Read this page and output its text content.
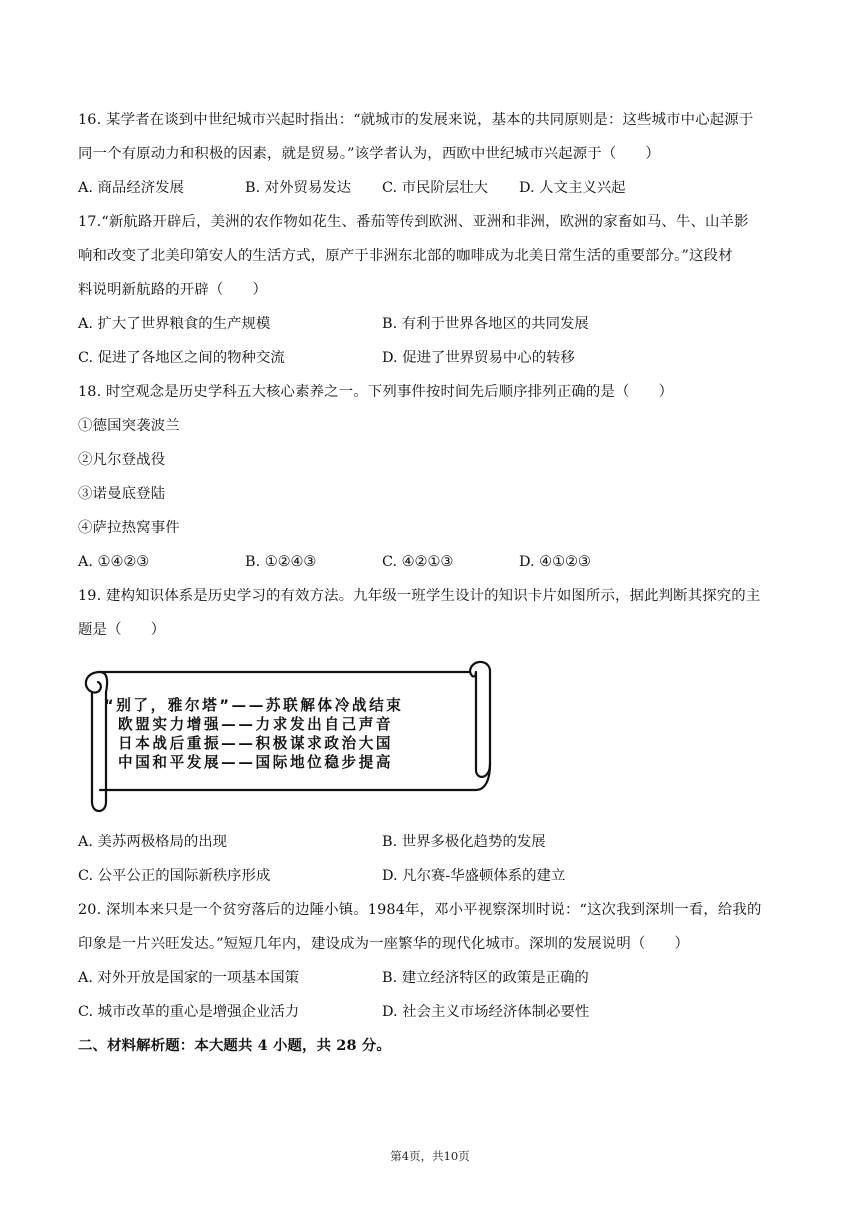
16. 某学者在谈到中世纪城市兴起时指出：“就城市的发展来说，基本的共同原则是：这些城市中心起源于
同一个有原动力和积极的因素，就是贸易。”该学者认为，西欧中世纪城市兴起源于（　　）
A. 商品经济发展	B. 对外贸易发达 C. 市民阶层壮大 D. 人文主义兴起
17.“新航路开辟后，美洲的农作物如花生、番茄等传到欧洲、亚洲和非洲，欧洲的家畜如马、牛、山羊影
响和改变了北美印第安人的生活方式，原产于非洲东北部的咖啡成为北美日常生活的重要部分。”这段材
料说明新航路的开辟（　　）
A. 扩大了世界粮食的生产规模	B. 有利于世界各地区的共同发展
C. 促进了各地区之间的物种交流	D. 促进了世界贸易中心的转移
18. 时空观念是历史学科五大核心素养之一。下列事件按时间先后顺序排列正确的是（　　）
①德国突袭波兰
②凡尔登战役
③诺曼底登陆
④萨拉热窝事件
A. ①④②③	B. ①②④③	C. ④②①③	D. ④①②③
19. 建构知识体系是历史学习的有效方法。九年级一班学生设计的知识卡片如图所示，据此判断其探究的主
题是（　　）
“别了，雅尔塔”——苏联解体冷战结束
欧盟实力增强——力求发出自己声音
日本战后重振——积极谋求政治大国
中国和平发展——国际地位稳步提高
A. 美苏两极格局的出现	B. 世界多极化趋势的发展
C. 公平公正的国际新秩序形成	D. 凡尔赛-华盛顿体系的建立
20. 深圳本来只是一个贫穷落后的边陲小镇。1984年，邓小平视察深圳时说：“这次我到深圳一看，给我的
印象是一片兴旺发达。”短短几年内，建设成为一座繁华的现代化城市。深圳的发展说明（　　）
A. 对外开放是国家的一项基本国策	B. 建立经济特区的政策是正确的
C. 城市改革的重心是增强企业活力	D. 社会主义市场经济体制必要性
二、材料解析题：本大题共 4 小题，共 28 分。
第4页，共10页
